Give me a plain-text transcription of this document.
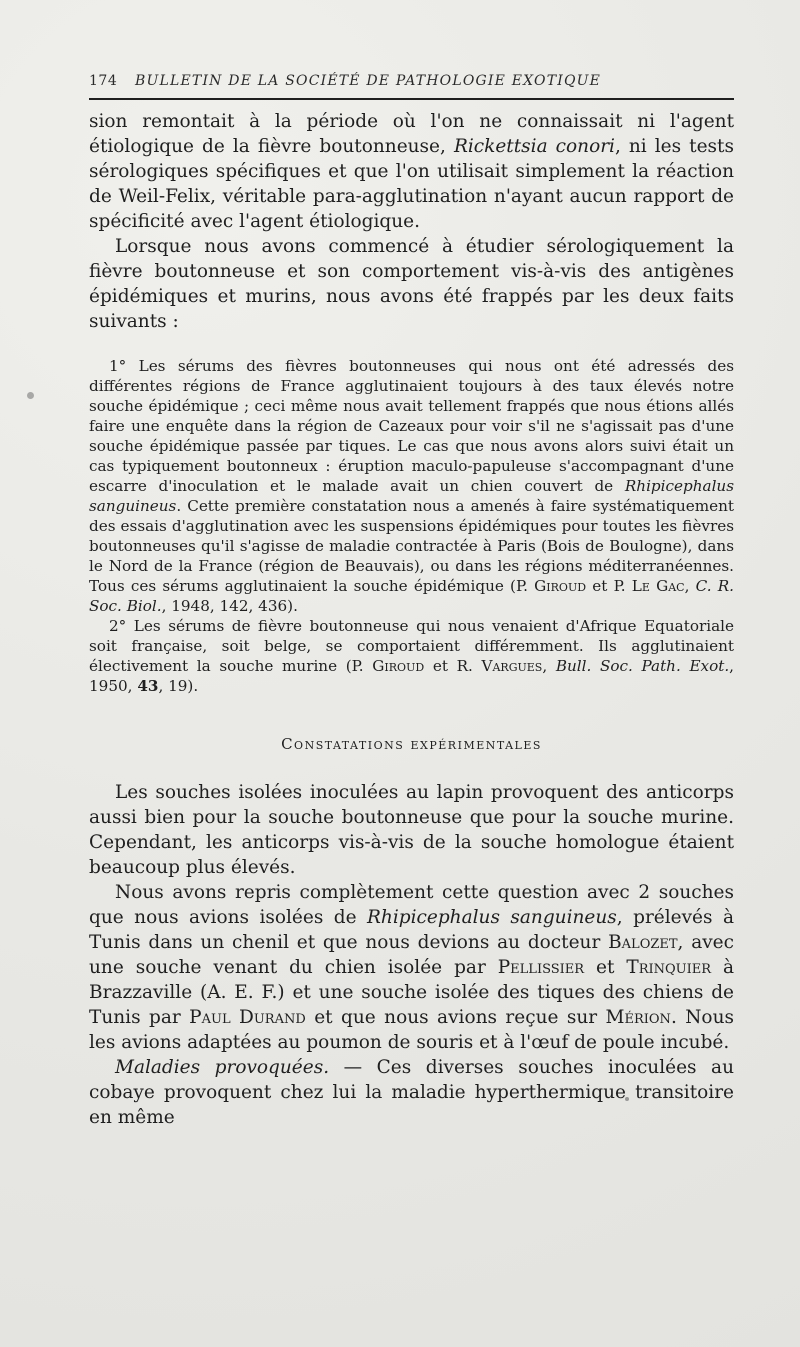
174 BULLETIN DE LA SOCIÉTÉ DE PATHOLOGIE EXOTIQUE

sion remontait à la période où l'on ne connaissait ni l'agent étiologique de la fièvre boutonneuse, Rickettsia conori, ni les tests sérologiques spécifiques et que l'on utilisait simplement la réaction de Weil-Felix, véritable para-agglutination n'ayant aucun rapport de spécificité avec l'agent étiologique.

Lorsque nous avons commencé à étudier sérologiquement la fièvre boutonneuse et son comportement vis-à-vis des antigènes épidémiques et murins, nous avons été frappés par les deux faits suivants :

1° Les sérums des fièvres boutonneuses qui nous ont été adressés des différentes régions de France agglutinaient toujours à des taux élevés notre souche épidémique ; ceci même nous avait tellement frappés que nous étions allés faire une enquête dans la région de Cazeaux pour voir s'il ne s'agissait pas d'une souche épidémique passée par tiques. Le cas que nous avons alors suivi était un cas typiquement boutonneux : éruption maculo-papuleuse s'accompagnant d'une escarre d'inoculation et le malade avait un chien couvert de Rhipicephalus sanguineus. Cette première constatation nous a amenés à faire systématiquement des essais d'agglutination avec les suspensions épidémiques pour toutes les fièvres boutonneuses qu'il s'agisse de maladie contractée à Paris (Bois de Boulogne), dans le Nord de la France (région de Beauvais), ou dans les régions méditerranéennes. Tous ces sérums agglutinaient la souche épidémique (P. Giroud et P. Le Gac, C. R. Soc. Biol., 1948, 142, 436).

2° Les sérums de fièvre boutonneuse qui nous venaient d'Afrique Equatoriale soit française, soit belge, se comportaient différemment. Ils agglutinaient électivement la souche murine (P. Giroud et R. Vargues, Bull. Soc. Path. Exot., 1950, 43, 19).

Constatations expérimentales

Les souches isolées inoculées au lapin provoquent des anticorps aussi bien pour la souche boutonneuse que pour la souche murine. Cependant, les anticorps vis-à-vis de la souche homologue étaient beaucoup plus élevés.

Nous avons repris complètement cette question avec 2 souches que nous avions isolées de Rhipicephalus sanguineus, prélevés à Tunis dans un chenil et que nous devions au docteur Balozet, avec une souche venant du chien isolée par Pellissier et Trinquier à Brazzaville (A. E. F.) et une souche isolée des tiques des chiens de Tunis par Paul Durand et que nous avions reçue sur Mérion. Nous les avions adaptées au poumon de souris et à l'œuf de poule incubé.

Maladies provoquées. — Ces diverses souches inoculées au cobaye provoquent chez lui la maladie hyperthermique transitoire en même
